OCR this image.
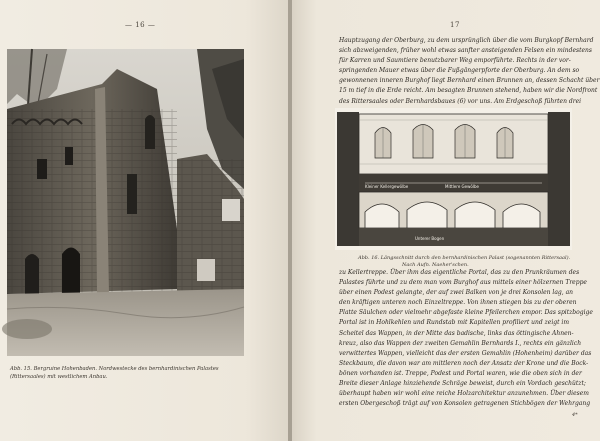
— 16 —
Abb. 15. Bergruine Hohenbaden. Nordwestecke des bernhardinischen Palastes (Rittersaales) mit westlichem Anbau.
17
Hauptzugang der Oberburg, zu dem ursprünglich über die vom Burgkopf Bernhard
sich abzweigenden, früher wohl etwas sanfter ansteigenden Felsen ein mindestens
für Karren und Saumtiere benutzbarer Weg emporführte. Rechts in der vor-
springenden Mauer etwas über die Fußgängerpforte der Oberburg. An dem so
gewonnenen inneren Burghof liegt Bernhard einen Brunnen an, dessen Schacht über
15 m tief in die Erde reicht. Am besagten Brunnen stehend, haben wir die Nordfront
des Rittersaales oder Bernhardsbaues (6) vor uns. Am Erdgeschoß führten drei
Kleiner Kellergewölbe	Mittlere Gewölbe
Unterer Bogen
Abb. 16. Längsschnitt durch den bernhardinischen Palast (sogenannten Rittersaal).
Nach Aufn. Naeher'schen.
zu Kellertreppe. Über ihm das eigentliche Portal, das zu den Prunkräumen des
Palastes führte und zu dem man vom Burghof aus mittels einer hölzernen Treppe
über einen Podest gelangte, der auf zwei Balken von je drei Konsolen lag, an
den kräftigen unteren noch Einzeltreppe. Von ihnen stiegen bis zu der oberen
Platte Säulchen oder vielmehr abgefaste kleine Pfeilerchen empor. Das spitzbogige
Portal ist in Hohlkehlen und Rundstab mit Kapitellen profiliert und zeigt im
Scheitel das Wappen, in der Mitte das badische, links das öttingische Ahnen-
kreuz, also das Wappen der zweiten Gemahlin Bernhards I., rechts ein gänzlich
verwittertes Wappen, vielleicht das der ersten Gemahlin (Hohenheim) darüber das
Steckbaum, die davon war am mittleren noch der Ansatz der Krone und die Bock-
bönen vorhanden ist. Treppe, Podest und Portal waren, wie die oben sich in der
Breite dieser Anlage hinziehende Schräge beweist, durch ein Vordach geschützt;
überhaupt haben wir wohl eine reiche Holzarchitektur anzunehmen. Über diesem
ersten Obergeschoß trägt auf von Konsolen getragenen Stichbögen der Wehrgang
4*
